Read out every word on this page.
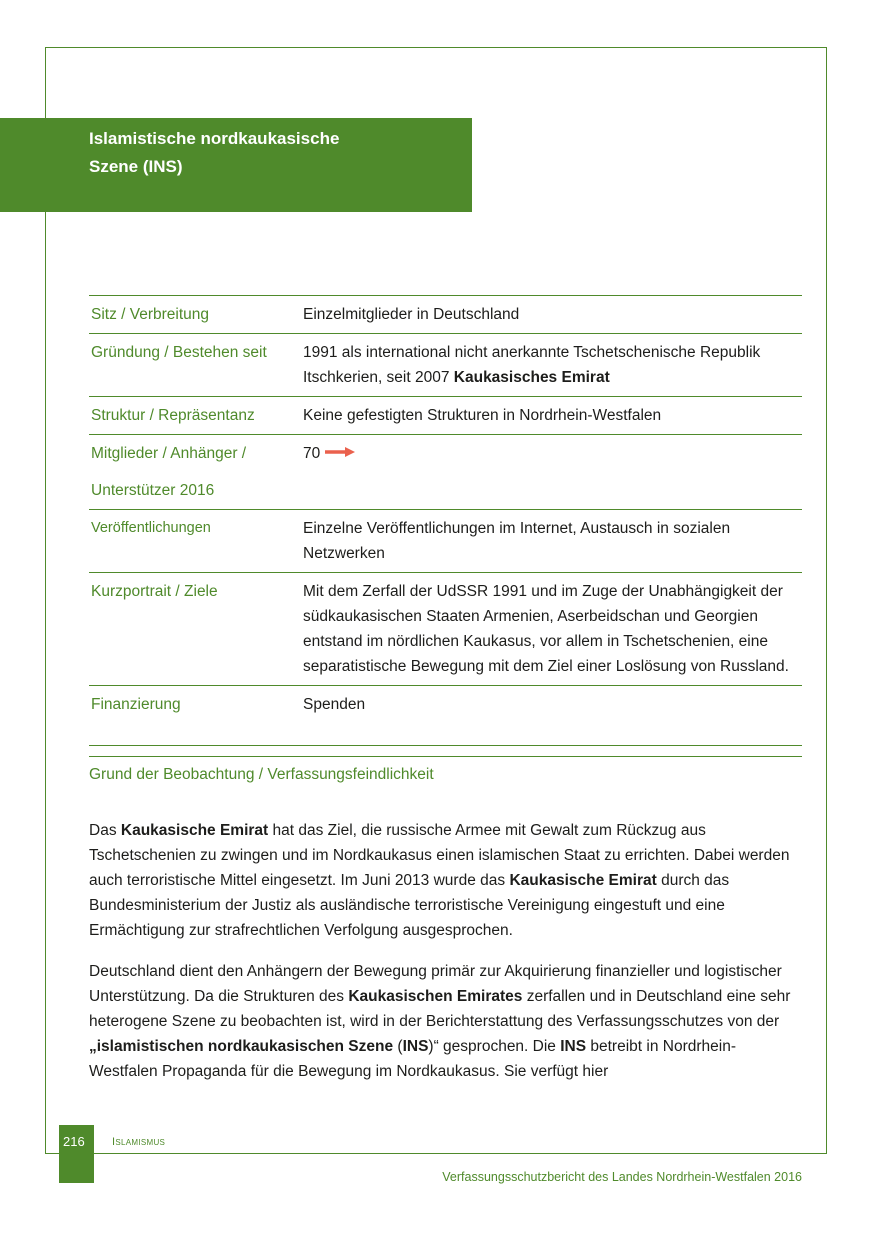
Islamistische nordkaukasische
Szene (INS)
Sitz / Verbreitung	Einzelmitglieder in Deutschland
Gründung / Bestehen seit	1991 als international nicht anerkannte Tschetschenische Republik Itschkerien, seit 2007 Kaukasisches Emirat
Struktur / Repräsentanz	Keine gefestigten Strukturen in Nordrhein-Westfalen
Mitglieder / Anhänger /
Unterstützer 2016	70
Veröffentlichungen	Einzelne Veröffentlichungen im Internet, Austausch in sozialen Netzwerken
Kurzportrait / Ziele	Mit dem Zerfall der UdSSR 1991 und im Zuge der Unabhängigkeit der südkaukasischen Staaten Armenien, Aserbeidschan und Georgien entstand im nördlichen Kaukasus, vor allem in Tschetschenien, eine separatistische Bewegung mit dem Ziel einer Loslösung von Russland.
Finanzierung	Spenden
Grund der Beobachtung / Verfassungsfeindlichkeit

Das Kaukasische Emirat hat das Ziel, die russische Armee mit Gewalt zum Rückzug aus Tschetschenien zu zwingen und im Nordkaukasus einen islamischen Staat zu errichten. Dabei werden auch terroristische Mittel eingesetzt. Im Juni 2013 wurde das Kaukasische Emirat durch das Bundesministerium der Justiz als ausländische terroristische Vereinigung eingestuft und eine Ermächtigung zur strafrechtlichen Verfolgung ausgesprochen.

Deutschland dient den Anhängern der Bewegung primär zur Akquirierung finanzieller und logistischer Unterstützung. Da die Strukturen des Kaukasischen Emirates zerfallen und in Deutschland eine sehr heterogene Szene zu beobachten ist, wird in der Berichterstattung des Verfassungsschutzes von der „islamistischen nordkaukasischen Szene (INS)“ gesprochen. Die INS betreibt in Nordrhein-Westfalen Propaganda für die Bewegung im Nordkaukasus. Sie verfügt hier

216	Islamismus
Verfassungsschutzbericht des Landes Nordrhein-Westfalen 2016
